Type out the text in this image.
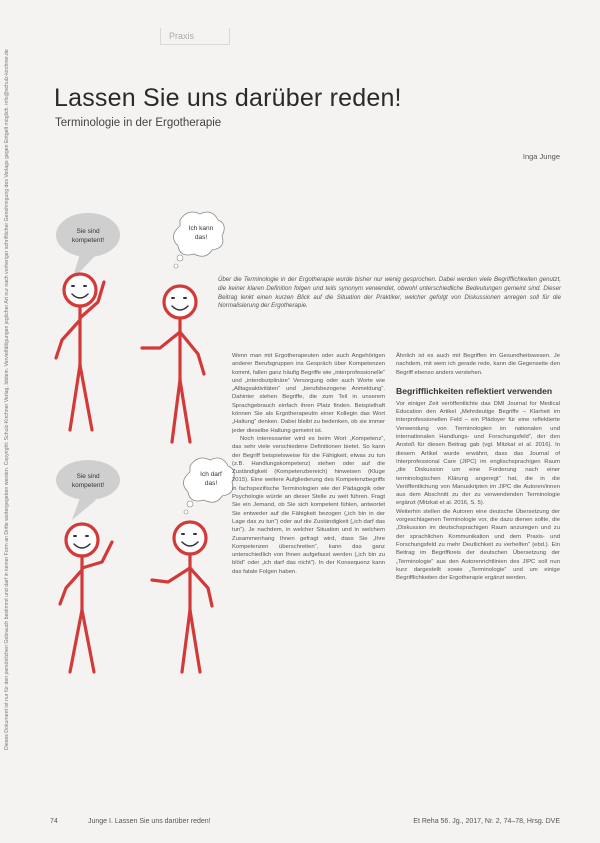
Praxis
Dieses Dokument ist nur für den persönlichen Gebrauch bestimmt und darf in keiner Form an Dritte weitergegeben werden. Copyright: Schulz-Kirchner Verlag, Idstein. Vervielfältigungen jeglicher Art nur nach vorheriger schriftlicher Genehmigung des Verlags gegen Entgelt möglich. info@schulz-kirchner.de Lassen Sie uns darüber reden!
Terminologie in der Ergotherapie
Inga Junge
Sie sind
kompetent!
Ich kann
das!
Sie sind
kompetent!
Ich darf
das!
Über die Terminologie in der Ergotherapie wurde bisher nur wenig gesprochen. Dabei werden viele Begrifflichkeiten genutzt, die keiner klaren Definition folgen und teils synonym verwendet, obwohl unterschiedliche Bedeutungen gemeint sind. Dieser Beitrag lenkt einen kurzen Blick auf die Situation der Praktiker, welcher gefolgt von Diskussionen anregen soll für die Normalisierung der Ergotherapie.

Wenn man mit Ergotherapeuten oder auch Angehörigen anderer Berufsgruppen ins Gespräch über Kompetenzen kommt, fallen ganz häufig Begriffe wie „interprofessionelle“ und „interdisziplinäre“ Versorgung oder auch Worte wie „Alltagsaktivitäten“ und „berufsbezogene Anmeldung“. Dahinter stehen Begriffe, die zum Teil in unserem Sprachgebrauch einfach ihren Platz finden. Beispielhaft können Sie als Ergotherapeutin einer Kollegin das Wort „Haltung“ denken. Dabei bleibt zu bedenken, ob sie immer jeder dieselbe Haltung gemeint ist.

Noch interessanter wird es beim Wort „Kompetenz“, das sehr viele verschiedene Definitionen bietet. So kann der Begriff beispielsweise für die Fähigkeit, etwas zu tun (z.B. Handlungskompetenz) stehen oder auf die Zuständigkeit (Kompetenzbereich) hinweisen (Kluge 2015). Eine weitere Aufgliederung des Kompetenzbegriffs in fachspezifische Terminologien wie der Pädagogik oder Psychologie würde an dieser Stelle zu weit führen. Fragt Sie ein Jemand, ob Sie sich kompetent fühlen, antwortet Sie entweder auf die Fähigkeit bezogen („ich bin in der Lage das zu tun“) oder auf die Zuständigkeit („ich darf das tun“). Je nachdem, in welcher Situation und in welchem Zusammenhang Ihnen gefragt wird, dass Sie „Ihre Kompetenzen überschreiten“, kann das ganz unterschiedlich von Ihnen aufgefasst werden („ich bin zu blöd“ oder „ich darf das nicht“). In der Konsequenz kann das fatale Folgen haben.

Ähnlich ist es auch mit Begriffen im Gesundheitswesen. Je nachdem, mit wem ich gerade rede, kann die Gegenseite den Begriff ebenso anders verstehen.

Begrifflichkeiten reflektiert verwenden

Vor einiger Zeit veröffentlichte das DMI Journal for Medical Education den Artikel „Mehrdeutige Begriffe – Klarheit im interprofessionellen Feld – ein Plädoyer für eine reflektierte Verwendung von Terminologien im nationalen und internationalen Handlungs- und Forschungsfeld“, der den Anstoß für diesen Beitrag gab (vgl. Mitzkat et al. 2016). In diesem Artikel wurde erwähnt, dass das Journal of Interprofessional Care (JIPC) im englischsprachigen Raum „die Diskussion um eine Forderung nach einer terminologischen Klärung angeregt“ hat, die in die Veröffentlichung von Manuskripten im JIPC die Autoren/innen aus dem Abschnitt zu der zu verwendenden Terminologie ergänzt (Mitzkat et al. 2016, S. 5).

Weiterhin stellen die Autoren eine deutsche Übersetzung der vorgeschlagenen Terminologie vor, die dazu dienen sollte, die „Diskussion im deutschsprachigen Raum anzuregen und zu der sprachlichen Kommunikation und dem Praxis- und Forschungsfeld zu mehr Deutlichkeit zu verhelfen“ (ebd.). Ein Beitrag im Begriffkreis der deutschen Übersetzung der „Terminologie“ aus den Autorenrichtlinien des JIPC soll nun kurz dargestellt sowie „Terminologie“ und um einige Begrifflichkeiten der Ergotherapie ergänzt werden.

74	Junge I. Lassen Sie uns darüber reden!	Et Reha 56. Jg., 2017, Nr. 2, 74–78, Hrsg. DVE
